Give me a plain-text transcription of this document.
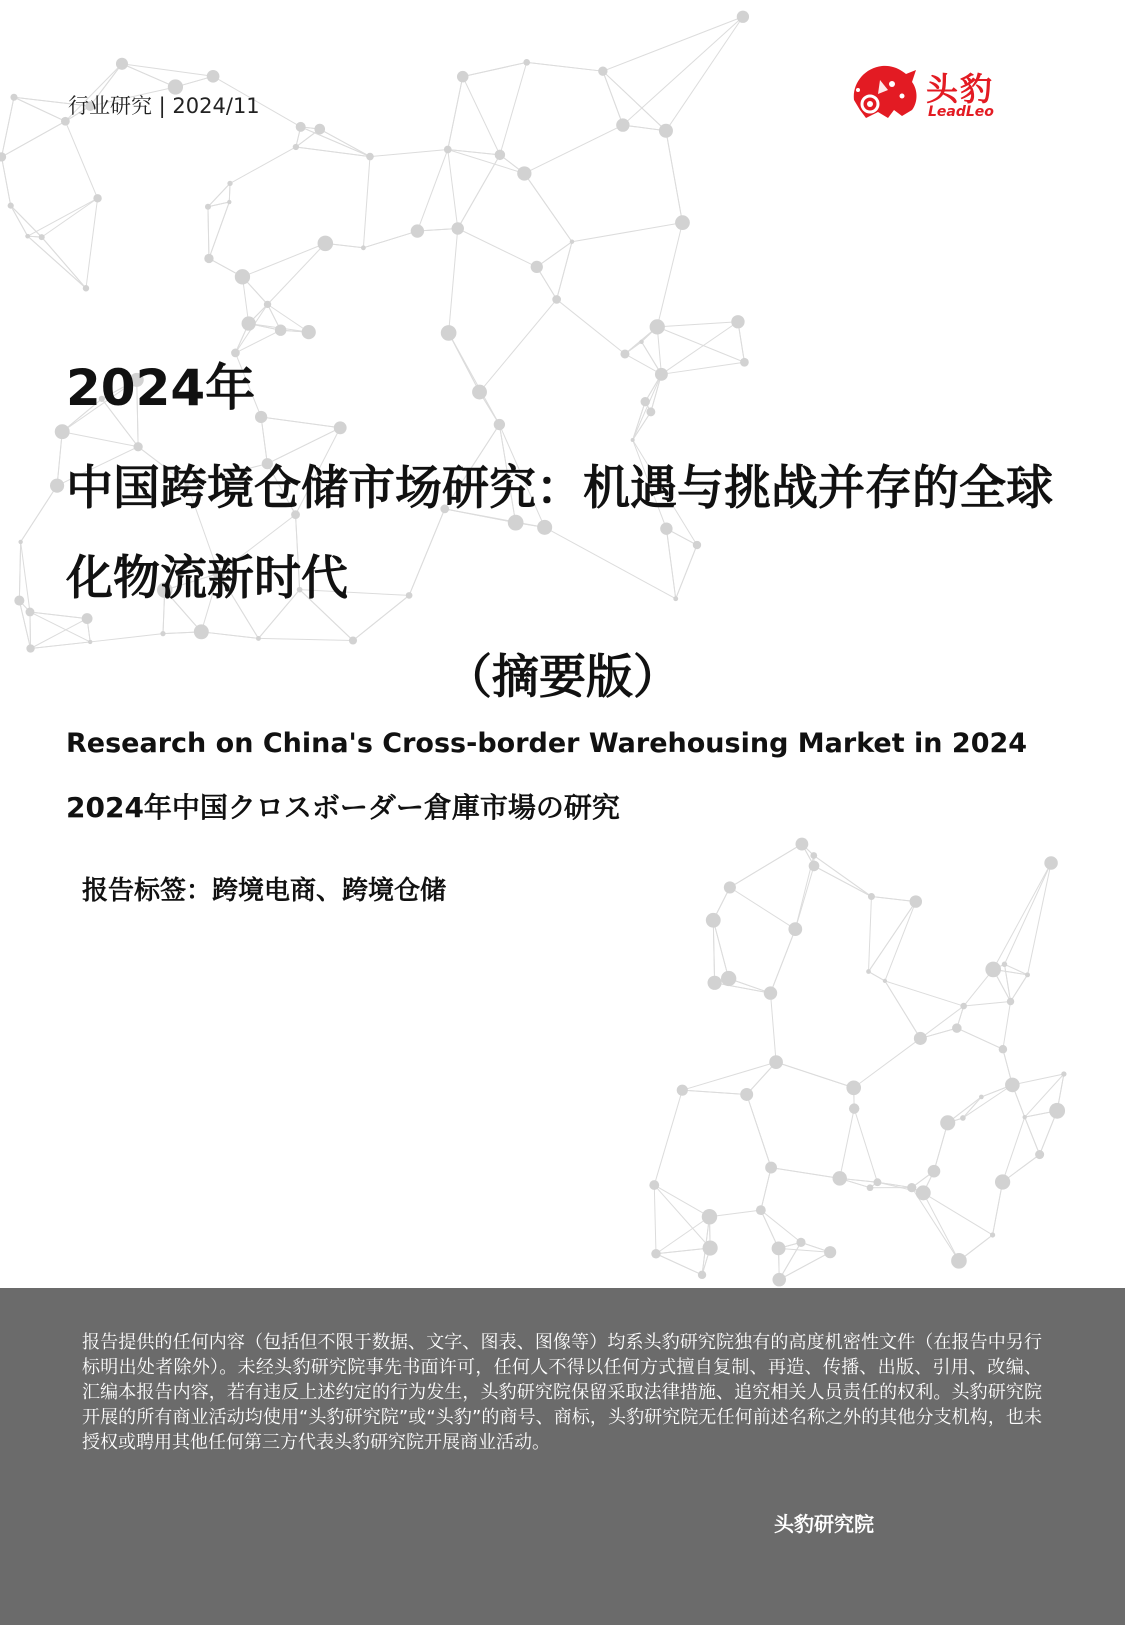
行业研究 | 2024/11	头豹
LeadLeo
2024年
中国跨境仓储市场研究：机遇与挑战并存的全球化物流新时代
（摘要版）
Research on China's Cross-border Warehousing Market in 2024
2024年中国クロスボーダー倉庫市場の研究
报告标签：跨境电商、跨境仓储
报告提供的任何内容（包括但不限于数据、文字、图表、图像等）均系头豹研究院独有的高度机密性文件（在报告中另行标明出处者除外）。未经头豹研究院事先书面许可，任何人不得以任何方式擅自复制、再造、传播、出版、引用、改编、汇编本报告内容，若有违反上述约定的行为发生，头豹研究院保留采取法律措施、追究相关人员责任的权利。头豹研究院开展的所有商业活动均使用“头豹研究院”或“头豹”的商号、商标，头豹研究院无任何前述名称之外的其他分支机构，也未授权或聘用其他任何第三方代表头豹研究院开展商业活动。
头豹研究院
